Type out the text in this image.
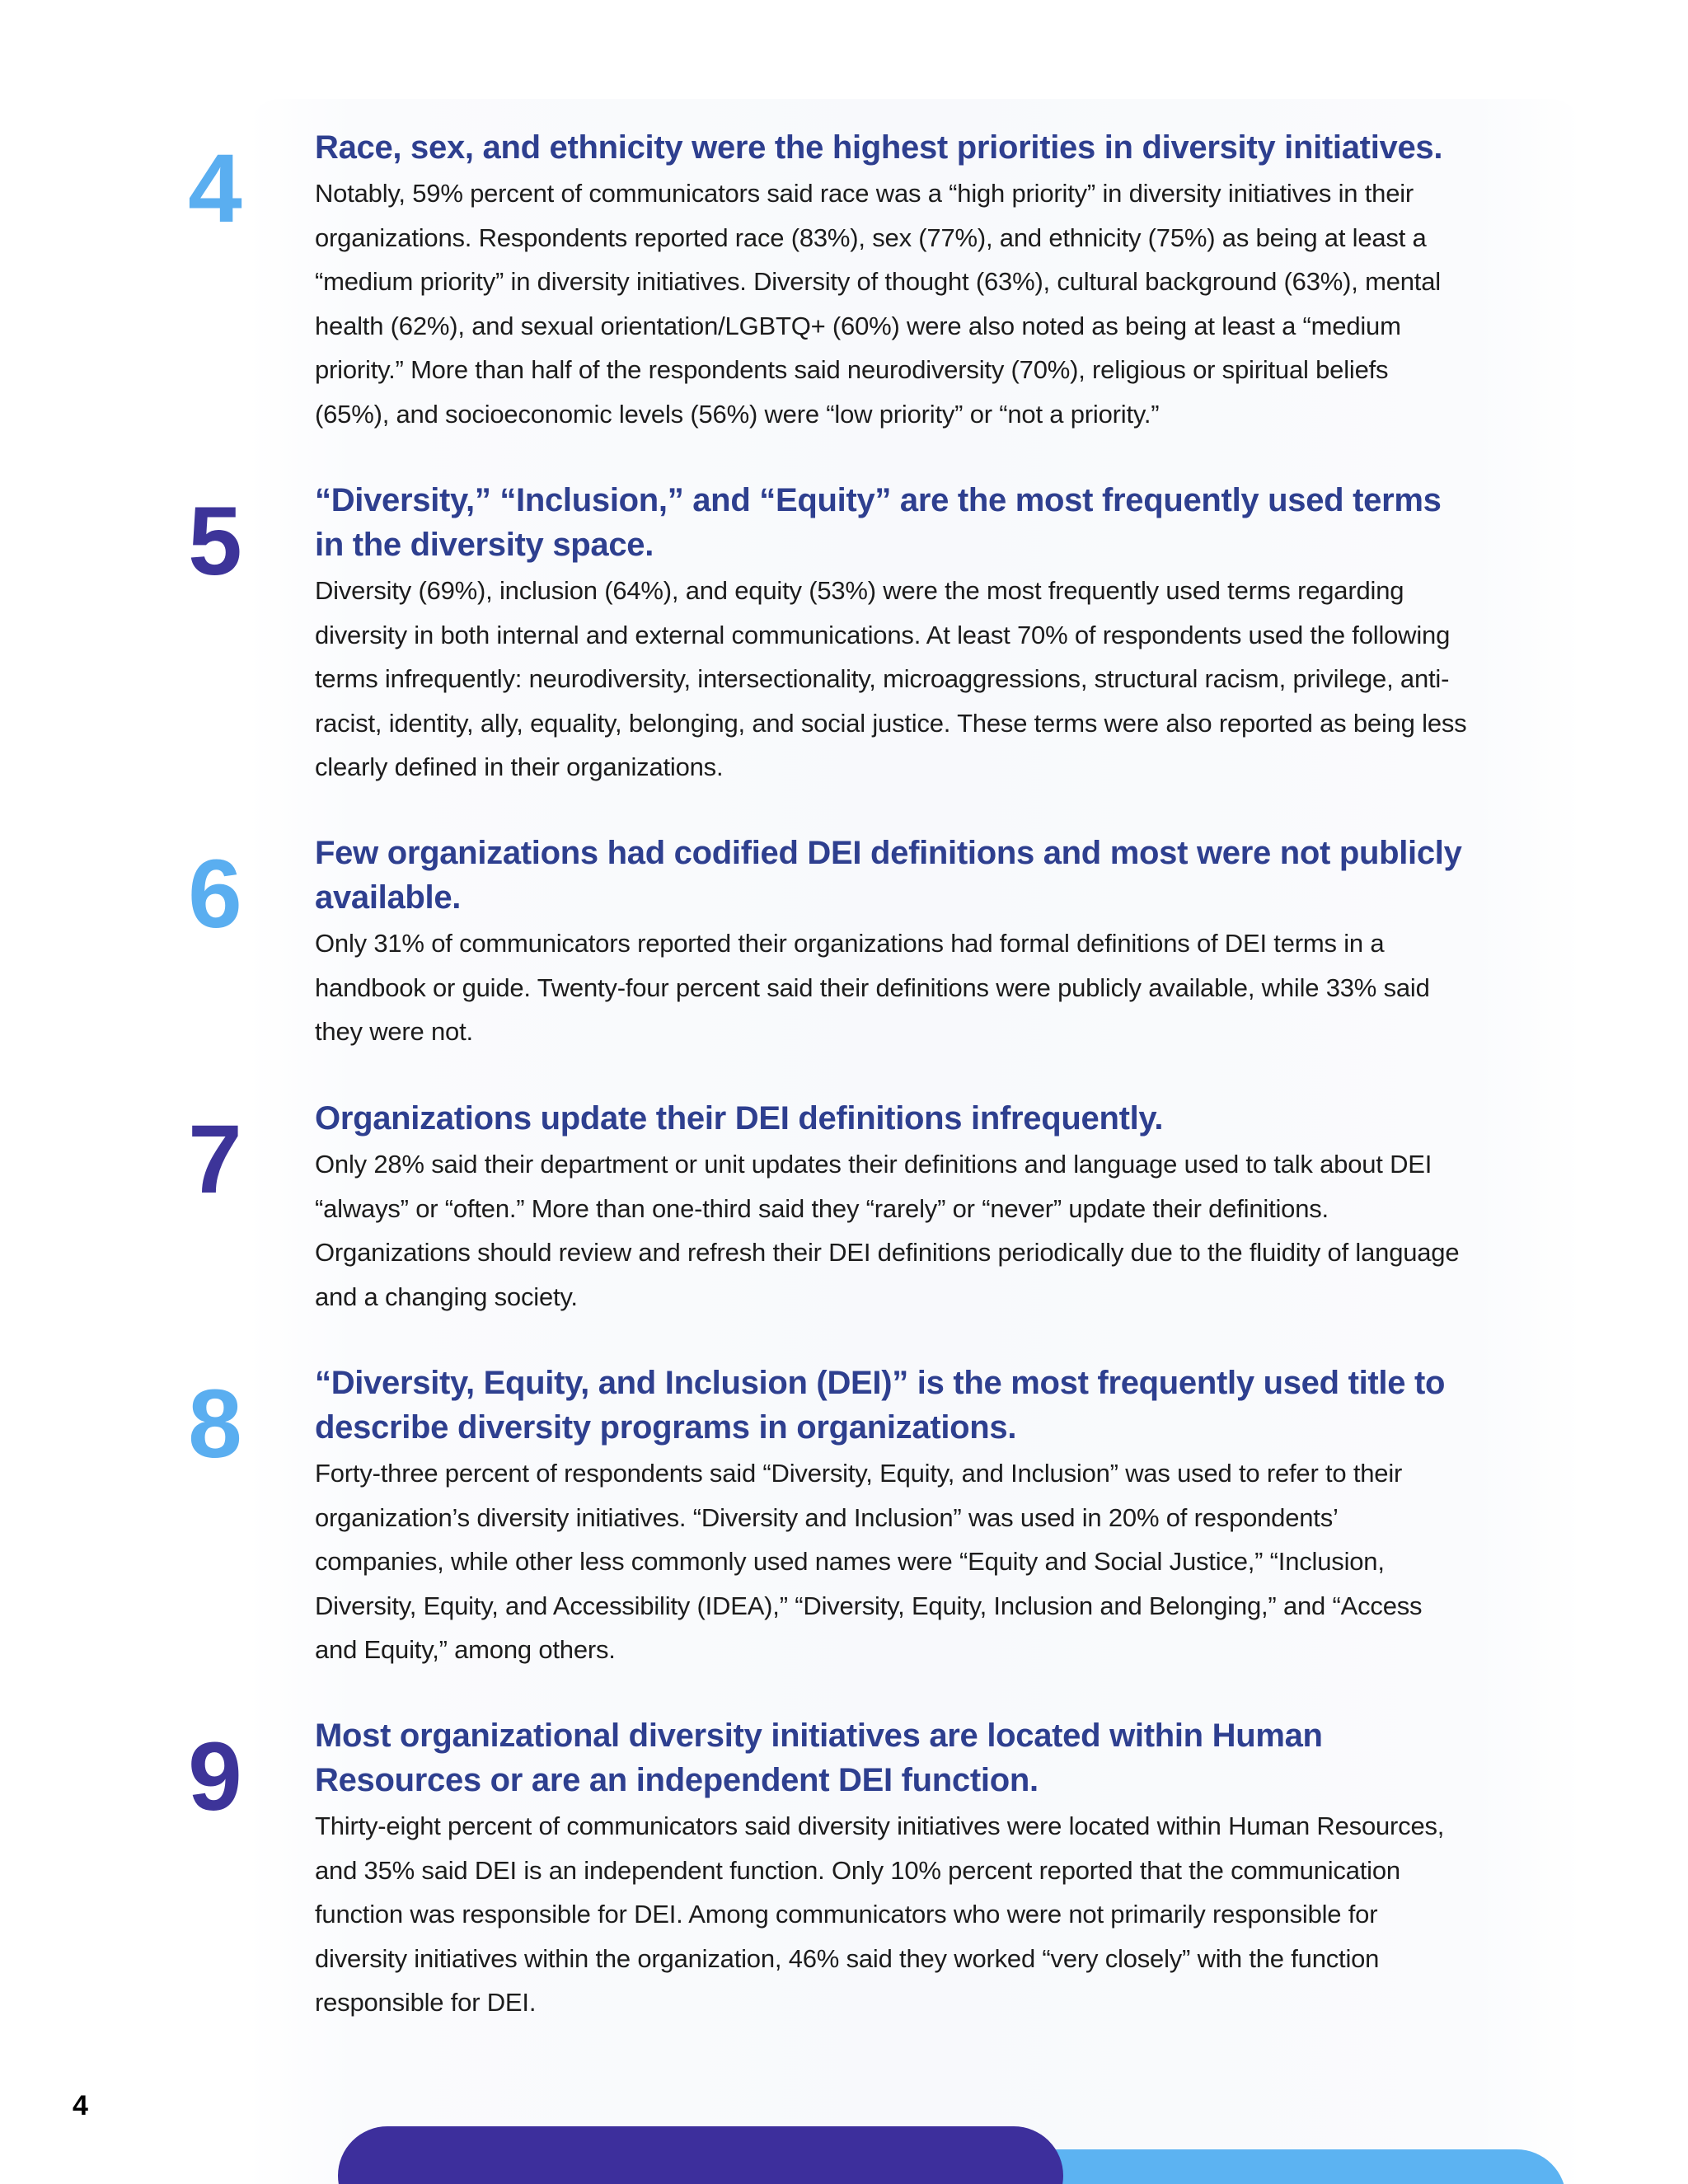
4	Race, sex, and ethnicity were the highest priorities in diversity initiatives.
Notably, 59% percent of communicators said race was a “high priority” in diversity initiatives in their organizations. Respondents reported race (83%), sex (77%), and ethnicity (75%) as being at least a “medium priority” in diversity initiatives. Diversity of thought (63%), cultural background (63%), mental health (62%), and sexual orientation/LGBTQ+ (60%) were also noted as being at least a “medium priority.” More than half of the respondents said neurodiversity (70%), religious or spiritual beliefs (65%), and socioeconomic levels (56%) were “low priority” or “not a priority.”
5	“Diversity,” “Inclusion,” and “Equity” are the most frequently used terms in the diversity space.
Diversity (69%), inclusion (64%), and equity (53%) were the most frequently used terms regarding diversity in both internal and external communications. At least 70% of respondents used the following terms infrequently: neurodiversity, intersectionality, microaggressions, structural racism, privilege, anti-racist, identity, ally, equality, belonging, and social justice. These terms were also reported as being less clearly defined in their organizations.
6	Few organizations had codified DEI definitions and most were not publicly available.
Only 31% of communicators reported their organizations had formal definitions of DEI terms in a handbook or guide. Twenty-four percent said their definitions were publicly available, while 33% said they were not.
7	Organizations update their DEI definitions infrequently.
Only 28% said their department or unit updates their definitions and language used to talk about DEI “always” or “often.” More than one-third said they “rarely” or “never” update their definitions. Organizations should review and refresh their DEI definitions periodically due to the fluidity of language and a changing society.
8	“Diversity, Equity, and Inclusion (DEI)” is the most frequently used title to describe diversity programs in organizations.
Forty-three percent of respondents said “Diversity, Equity, and Inclusion” was used to refer to their organization’s diversity initiatives. “Diversity and Inclusion” was used in 20% of respondents’ companies, while other less commonly used names were “Equity and Social Justice,” “Inclusion, Diversity, Equity, and Accessibility (IDEA),” “Diversity, Equity, Inclusion and Belonging,” and “Access and Equity,” among others.
9	Most organizational diversity initiatives are located within Human Resources or are an independent DEI function.
Thirty-eight percent of communicators said diversity initiatives were located within Human Resources, and 35% said DEI is an independent function. Only 10% percent reported that the communication function was responsible for DEI. Among communicators who were not primarily responsible for diversity initiatives within the organization, 46% said they worked “very closely” with the function responsible for DEI.
4
